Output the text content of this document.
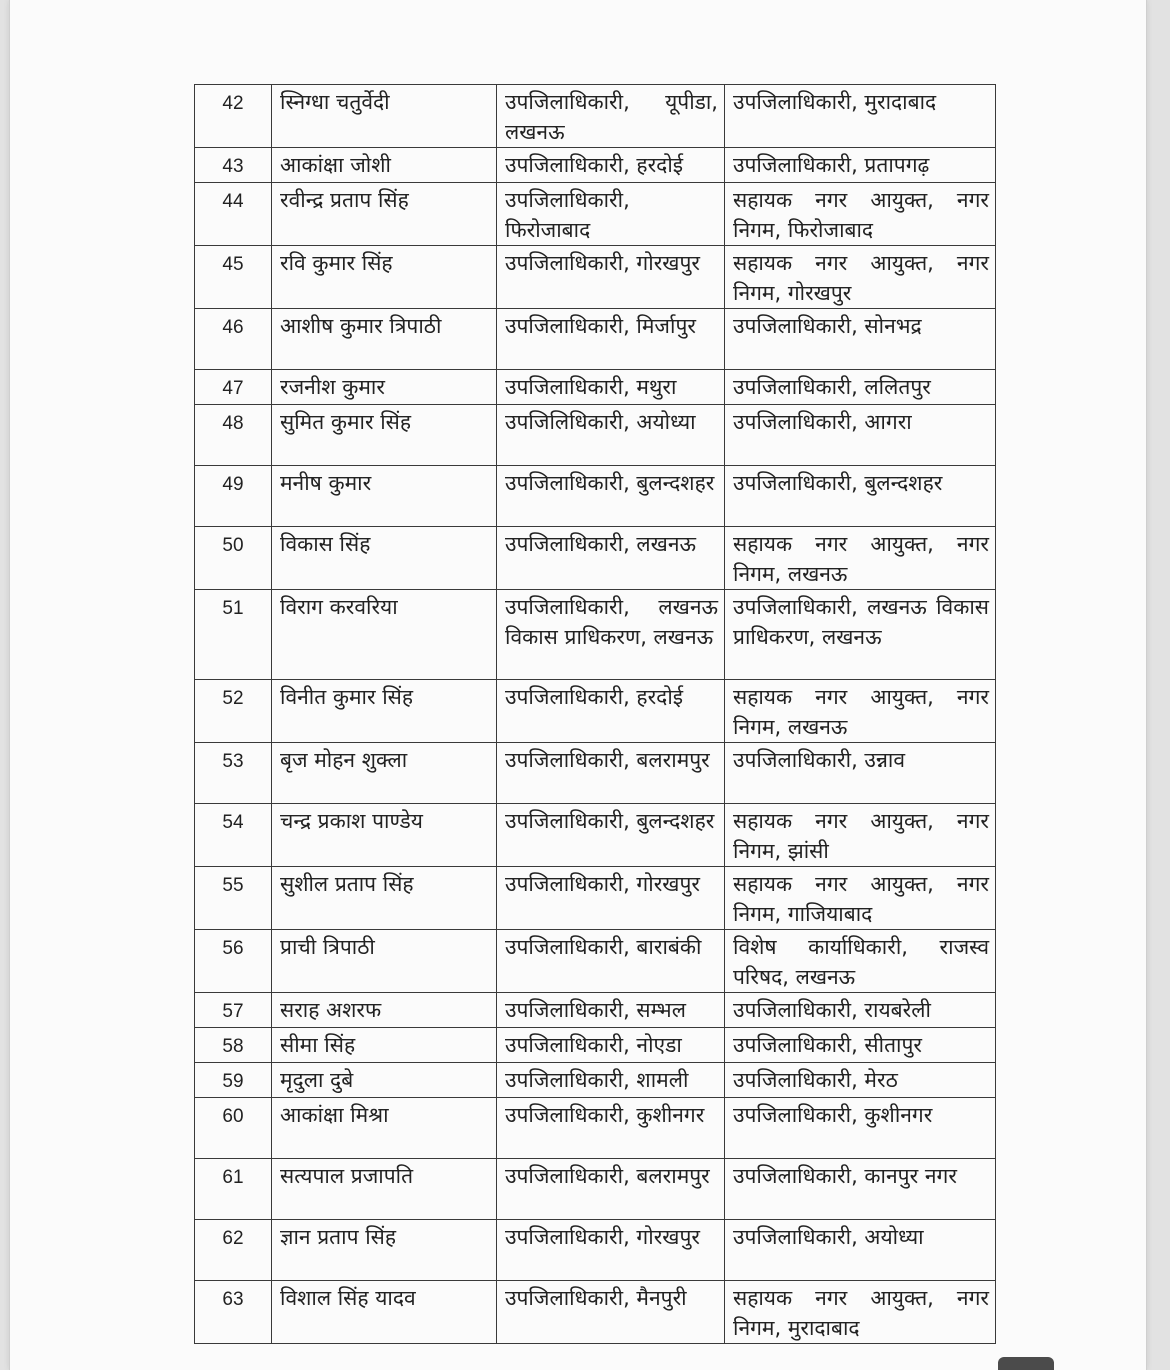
42	स्निग्धा चतुर्वेदी	उपजिलाधिकारी, यूपीडा, लखनऊ	उपजिलाधिकारी, मुरादाबाद
43	आकांक्षा जोशी	उपजिलाधिकारी, हरदोई	उपजिलाधिकारी, प्रतापगढ़
44	रवीन्द्र प्रताप सिंह	उपजिलाधिकारी, फिरोजाबाद	सहायक नगर आयुक्त, नगर निगम, फिरोजाबाद
45	रवि कुमार सिंह	उपजिलाधिकारी, गोरखपुर	सहायक नगर आयुक्त, नगर निगम, गोरखपुर
46	आशीष कुमार त्रिपाठी	उपजिलाधिकारी, मिर्जापुर	उपजिलाधिकारी, सोनभद्र
47	रजनीश कुमार	उपजिलाधिकारी, मथुरा	उपजिलाधिकारी, ललितपुर
48	सुमित कुमार सिंह	उपजिलिधिकारी, अयोध्या	उपजिलाधिकारी, आगरा
49	मनीष कुमार	उपजिलाधिकारी, बुलन्दशहर	उपजिलाधिकारी, बुलन्दशहर
50	विकास सिंह	उपजिलाधिकारी, लखनऊ	सहायक नगर आयुक्त, नगर निगम, लखनऊ
51	विराग करवरिया	उपजिलाधिकारी, लखनऊ विकास प्राधिकरण, लखनऊ	उपजिलाधिकारी, लखनऊ विकास प्राधिकरण, लखनऊ
52	विनीत कुमार सिंह	उपजिलाधिकारी, हरदोई	सहायक नगर आयुक्त, नगर निगम, लखनऊ
53	बृज मोहन शुक्ला	उपजिलाधिकारी, बलरामपुर	उपजिलाधिकारी, उन्नाव
54	चन्द्र प्रकाश पाण्डेय	उपजिलाधिकारी, बुलन्दशहर	सहायक नगर आयुक्त, नगर निगम, झांसी
55	सुशील प्रताप सिंह	उपजिलाधिकारी, गोरखपुर	सहायक नगर आयुक्त, नगर निगम, गाजियाबाद
56	प्राची त्रिपाठी	उपजिलाधिकारी, बाराबंकी	विशेष कार्याधिकारी, राजस्व परिषद, लखनऊ
57	सराह अशरफ	उपजिलाधिकारी, सम्भल	उपजिलाधिकारी, रायबरेली
58	सीमा सिंह	उपजिलाधिकारी, नोएडा	उपजिलाधिकारी, सीतापुर
59	मृदुला दुबे	उपजिलाधिकारी, शामली	उपजिलाधिकारी, मेरठ
60	आकांक्षा मिश्रा	उपजिलाधिकारी, कुशीनगर	उपजिलाधिकारी, कुशीनगर
61	सत्यपाल प्रजापति	उपजिलाधिकारी, बलरामपुर	उपजिलाधिकारी, कानपुर नगर
62	ज्ञान प्रताप सिंह	उपजिलाधिकारी, गोरखपुर	उपजिलाधिकारी, अयोध्या
63	विशाल सिंह यादव	उपजिलाधिकारी, मैनपुरी	सहायक नगर आयुक्त, नगर निगम, मुरादाबाद
